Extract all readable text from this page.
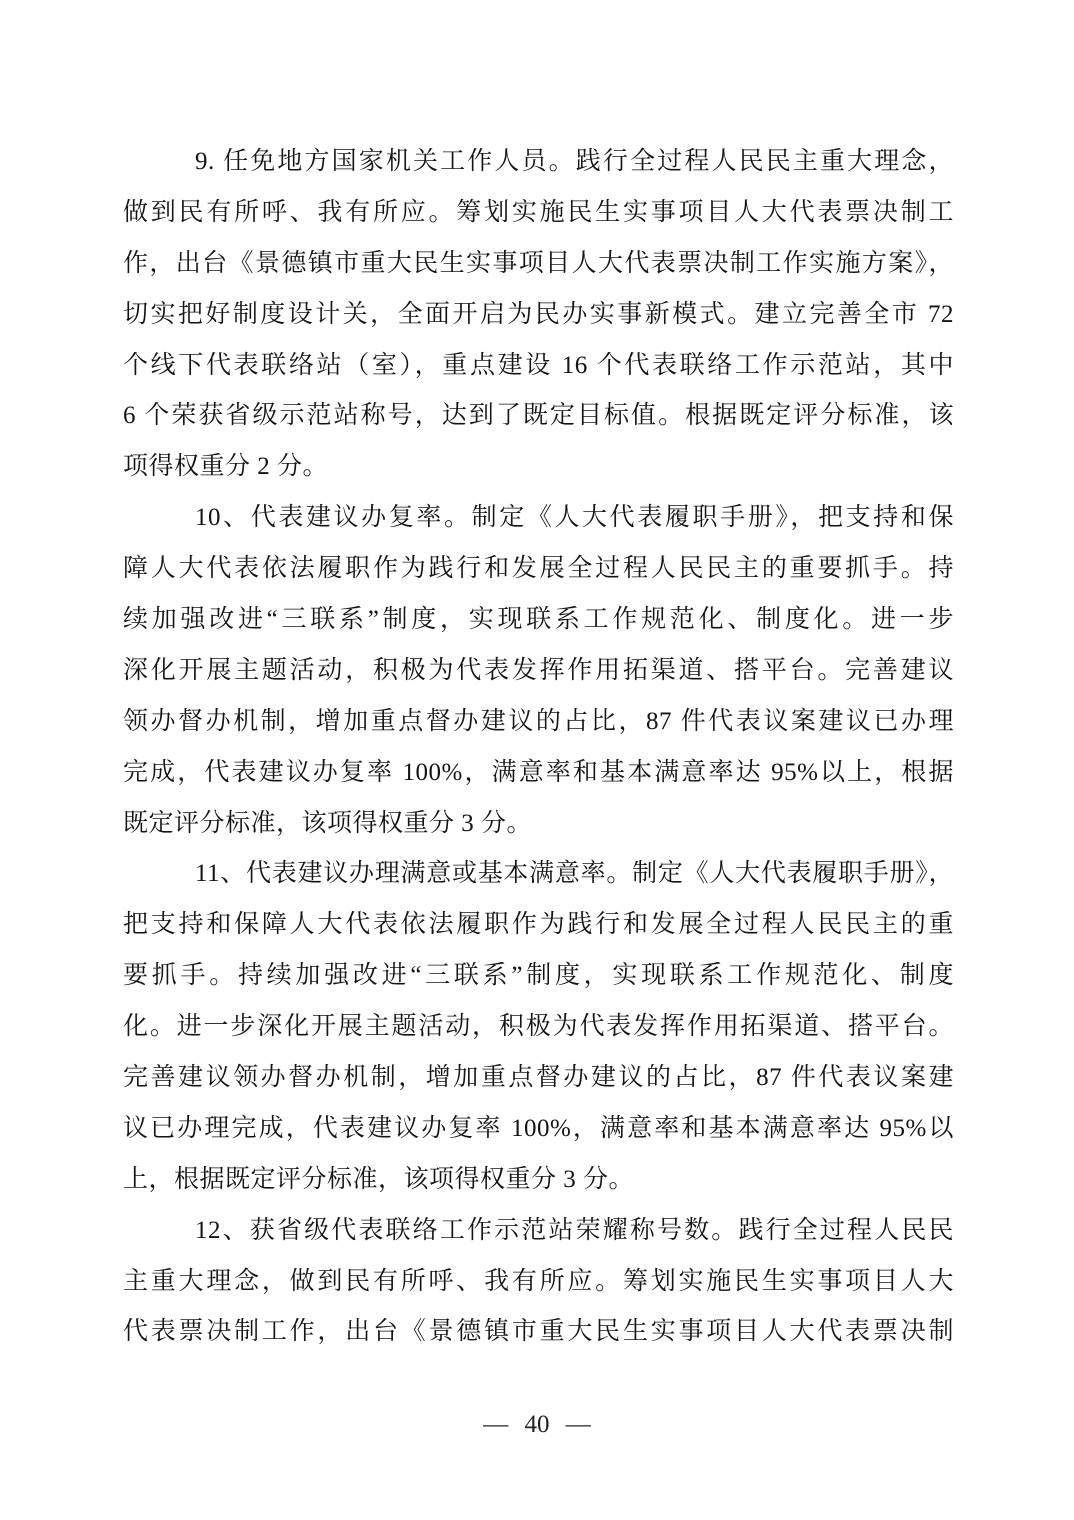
9. 任免地方国家机关工作人员。践行全过程人民民主重大理念，
做到民有所呼、我有所应。筹划实施民生实事项目人大代表票决制工
作，出台《景德镇市重大民生实事项目人大代表票决制工作实施方案》，
切实把好制度设计关，全面开启为民办实事新模式。建立完善全市 72
个线下代表联络站（室），重点建设 16 个代表联络工作示范站，其中
6 个荣获省级示范站称号，达到了既定目标值。根据既定评分标准，该
项得权重分 2 分。
10、代表建议办复率。制定《人大代表履职手册》，把支持和保
障人大代表依法履职作为践行和发展全过程人民民主的重要抓手。持
续加强改进“三联系”制度，实现联系工作规范化、制度化。进一步
深化开展主题活动，积极为代表发挥作用拓渠道、搭平台。完善建议
领办督办机制，增加重点督办建议的占比，87 件代表议案建议已办理
完成，代表建议办复率 100%，满意率和基本满意率达 95%以上，根据
既定评分标准，该项得权重分 3 分。
11、代表建议办理满意或基本满意率。制定《人大代表履职手册》，
把支持和保障人大代表依法履职作为践行和发展全过程人民民主的重
要抓手。持续加强改进“三联系”制度，实现联系工作规范化、制度
化。进一步深化开展主题活动，积极为代表发挥作用拓渠道、搭平台。
完善建议领办督办机制，增加重点督办建议的占比，87 件代表议案建
议已办理完成，代表建议办复率 100%，满意率和基本满意率达 95%以
上，根据既定评分标准，该项得权重分 3 分。
12、获省级代表联络工作示范站荣耀称号数。践行全过程人民民
主重大理念，做到民有所呼、我有所应。筹划实施民生实事项目人大
代表票决制工作，出台《景德镇市重大民生实事项目人大代表票决制
— 40 —
